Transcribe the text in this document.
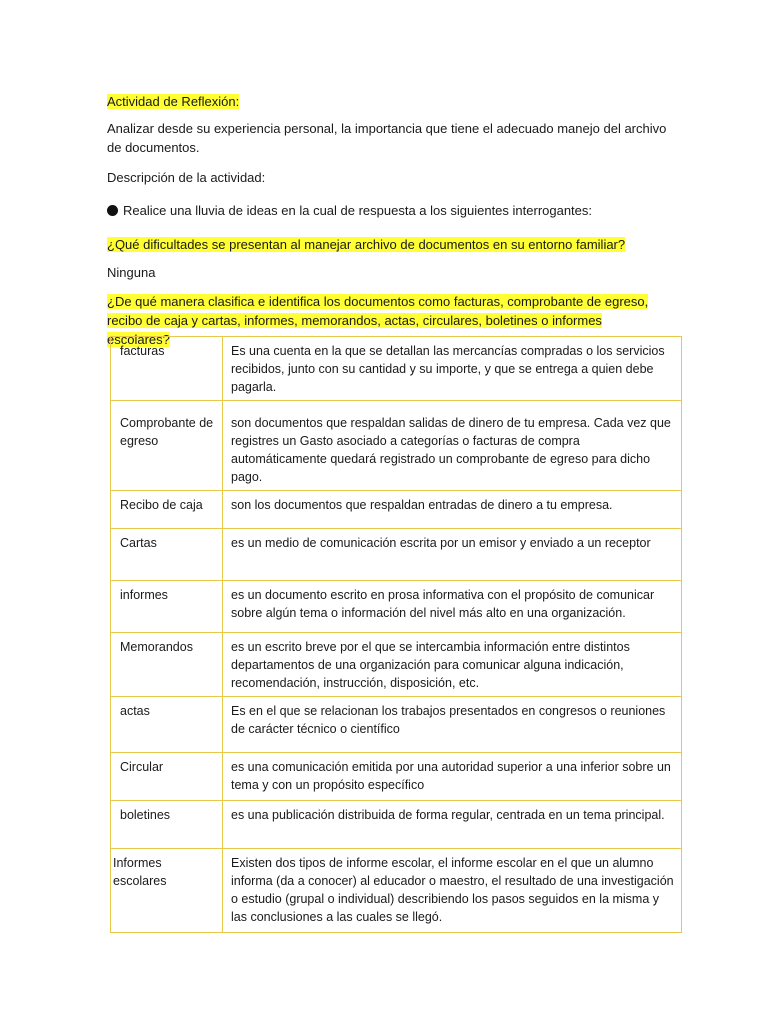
Actividad de Reflexión:

Analizar desde su experiencia personal, la importancia que tiene el adecuado manejo del archivo de documentos.

Descripción de la actividad:

Realice una lluvia de ideas en la cual de respuesta a los siguientes interrogantes:

¿Qué dificultades se presentan al manejar archivo de documentos en su entorno familiar?

Ninguna

¿De qué manera clasifica e identifica los documentos como facturas, comprobante de egreso, recibo de caja y cartas, informes, memorandos, actas, circulares, boletines o informes escolares?

facturas	Es una cuenta en la que se detallan las mercancías compradas o los servicios recibidos, junto con su cantidad y su importe, y que se entrega a quien debe pagarla.
Comprobante de egreso	son documentos que respaldan salidas de dinero de tu empresa. Cada vez que registres un Gasto asociado a categorías o facturas de compra automáticamente quedará registrado un comprobante de egreso para dicho pago.
Recibo de caja	son los documentos que respaldan entradas de dinero a tu empresa.
Cartas	es un medio de comunicación escrita por un emisor y enviado a un receptor
informes	es un documento escrito en prosa informativa con el propósito de comunicar sobre algún tema o información del nivel más alto en una organización.
Memorandos	es un escrito breve por el que se intercambia información entre distintos departamentos de una organización para comunicar alguna indicación, recomendación, instrucción, disposición, etc.
actas	Es en el que se relacionan los trabajos presentados en congresos o reuniones de carácter técnico o científico
Circular	es una comunicación emitida por una autoridad superior a una inferior sobre un tema y con un propósito específico
boletines	es una publicación distribuida de forma regular, centrada en un tema principal.
Informes escolares	Existen dos tipos de informe escolar, el informe escolar en el que un alumno informa (da a conocer) al educador o maestro, el resultado de una investigación o estudio (grupal o individual) describiendo los pasos seguidos en la misma y las conclusiones a las cuales se llegó.
